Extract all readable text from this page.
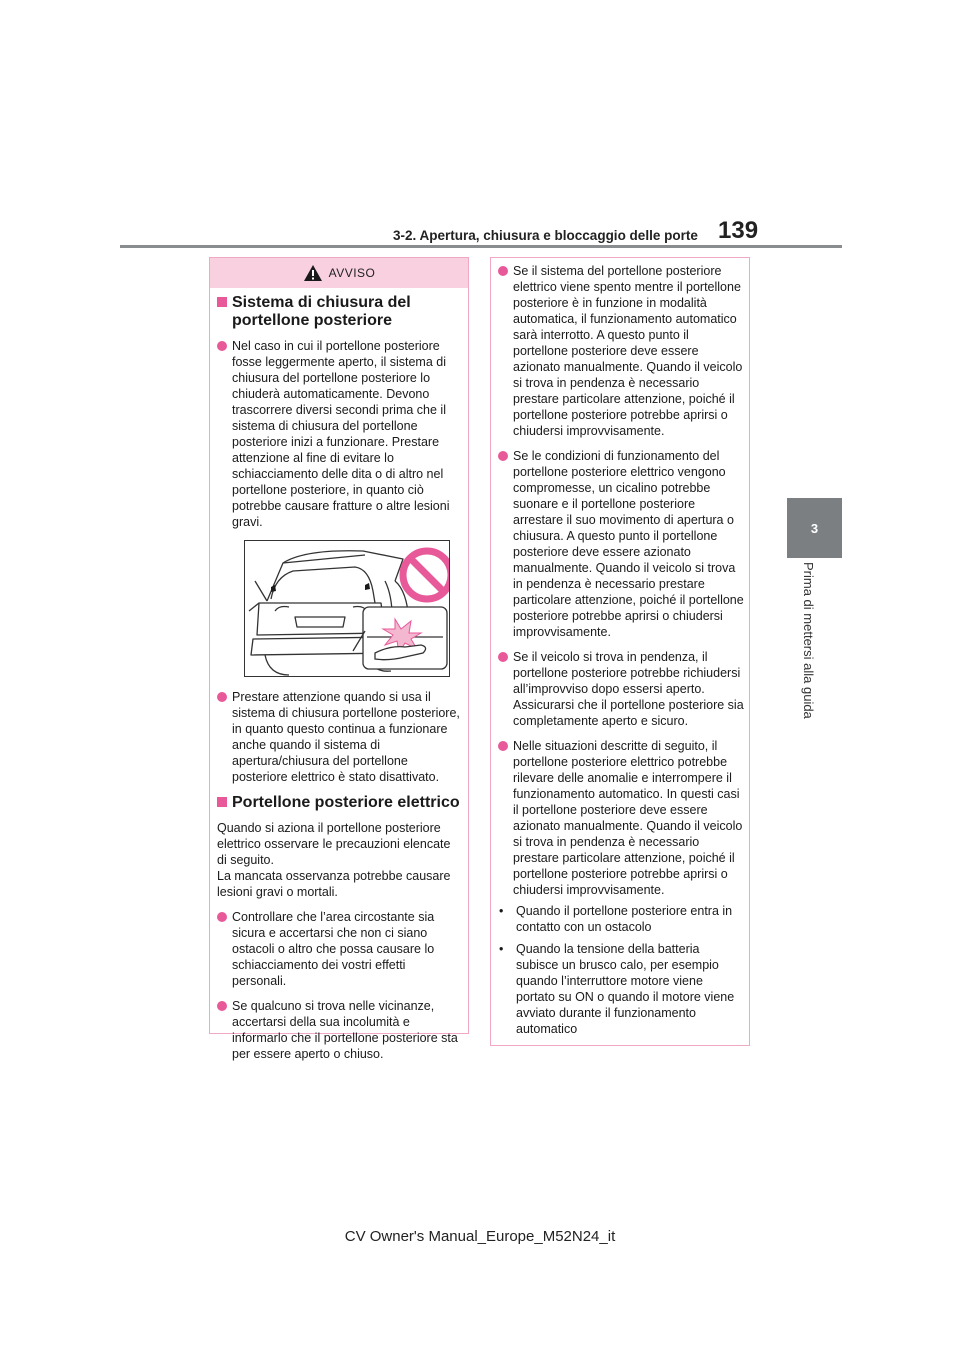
3-2. Apertura, chiusura e bloccaggio delle porte 139
3
Prima di mettersi alla guida
AVVISO
Sistema di chiusura del portellone posteriore
Nel caso in cui il portellone posteriore fosse leggermente aperto, il sistema di chiusura del portellone posteriore lo chiuderà automaticamente. Devono trascorrere diversi secondi prima che il sistema di chiusura del portellone posteriore inizi a funzionare. Prestare attenzione al fine di evitare lo schiacciamento delle dita o di altro nel portellone posteriore, in quanto ciò potrebbe causare fratture o altre lesioni gravi.
Prestare attenzione quando si usa il sistema di chiusura portellone posteriore, in quanto questo continua a funzionare anche quando il sistema di apertura/chiusura del portellone posteriore elettrico è stato disattivato.
Portellone posteriore elettrico

Quando si aziona il portellone posteriore elettrico osservare le precauzioni elencate di seguito.
La mancata osservanza potrebbe causare lesioni gravi o mortali.

Controllare che l’area circostante sia sicura e accertarsi che non ci siano ostacoli o altro che possa causare lo schiacciamento dei vostri effetti personali.
Se qualcuno si trova nelle vicinanze, accertarsi della sua incolumità e informarlo che il portellone posteriore sta per essere aperto o chiuso.
Se il sistema del portellone posteriore elettrico viene spento mentre il portellone posteriore è in funzione in modalità automatica, il funzionamento automatico sarà interrotto. A questo punto il portellone posteriore deve essere azionato manualmente. Quando il veicolo si trova in pendenza è necessario prestare particolare attenzione, poiché il portellone posteriore potrebbe aprirsi o chiudersi improvvisamente.
Se le condizioni di funzionamento del portellone posteriore elettrico vengono compromesse, un cicalino potrebbe suonare e il portellone posteriore arrestare il suo movimento di apertura o chiusura. A questo punto il portellone posteriore deve essere azionato manualmente. Quando il veicolo si trova in pendenza è necessario prestare particolare attenzione, poiché il portellone posteriore potrebbe aprirsi o chiudersi improvvisamente.
Se il veicolo si trova in pendenza, il portellone posteriore potrebbe richiudersi all’improvviso dopo essersi aperto. Assicurarsi che il portellone posteriore sia completamente aperto e sicuro.
Nelle situazioni descritte di seguito, il portellone posteriore elettrico potrebbe rilevare delle anomalie e interrompere il funzionamento automatico. In questi casi il portellone posteriore deve essere azionato manualmente. Quando il veicolo si trova in pendenza è necessario prestare particolare attenzione, poiché il portellone posteriore potrebbe aprirsi o chiudersi improvvisamente.
•	Quando il portellone posteriore entra in contatto con un ostacolo
•	Quando la tensione della batteria subisce un brusco calo, per esempio quando l’interruttore motore viene portato su ON o quando il motore viene avviato durante il funzionamento automatico
CV Owner's Manual_Europe_M52N24_it
